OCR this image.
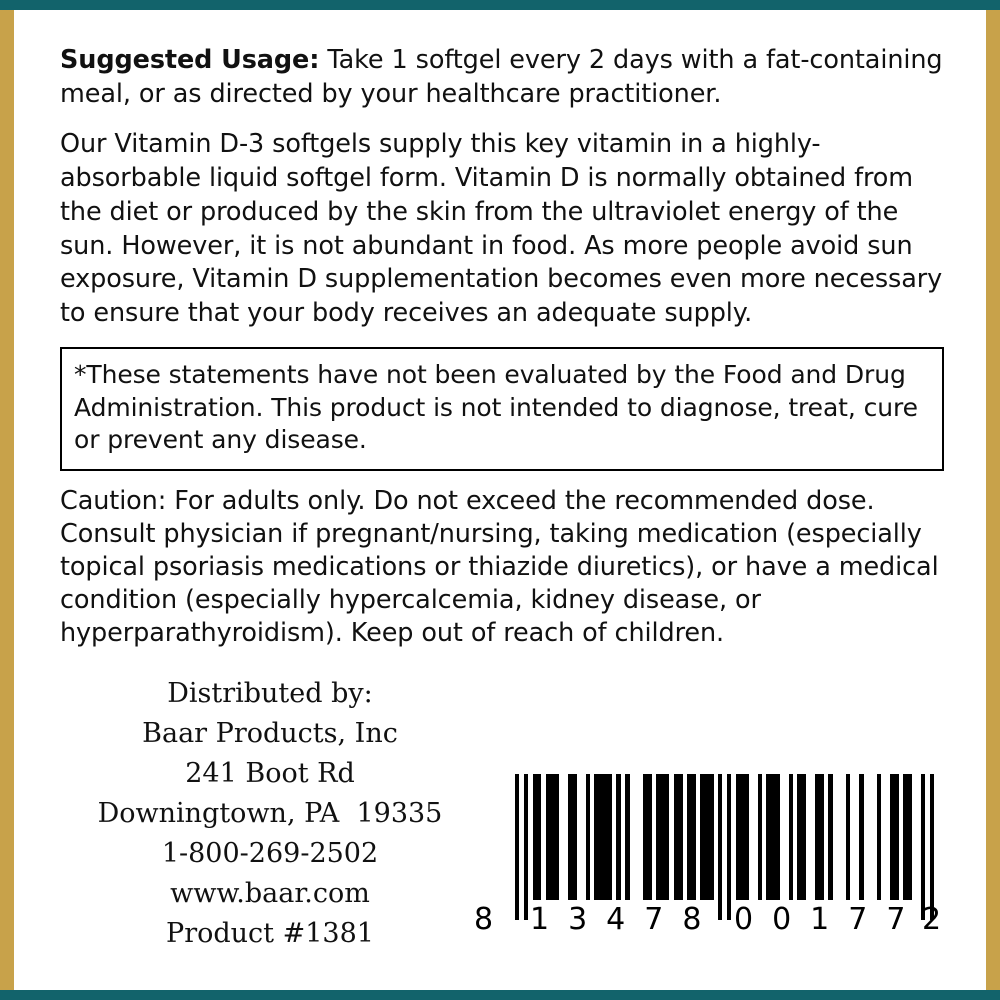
Suggested Usage: Take 1 softgel every 2 days with a fat-containing meal, or as directed by your healthcare practitioner.

Our Vitamin D-3 softgels supply this key vitamin in a highly-absorbable liquid softgel form. Vitamin D is normally obtained from the diet or produced by the skin from the ultraviolet energy of the sun. However, it is not abundant in food. As more people avoid sun exposure, Vitamin D supplementation becomes even more necessary to ensure that your body receives an adequate supply.

*These statements have not been evaluated by the Food and Drug Administration. This product is not intended to diagnose, treat, cure or prevent any disease.

Caution: For adults only. Do not exceed the recommended dose. Consult physician if pregnant/nursing, taking medication (especially topical psoriasis medications or thiazide diuretics), or have a medical condition (especially hypercalcemia, kidney disease, or hyperparathyroidism). Keep out of reach of children.

Distributed by:
Baar Products, Inc
241 Boot Rd
Downingtown, PA  19335
1-800-269-2502
www.baar.com
Product #1381	8 13478 00177
2
